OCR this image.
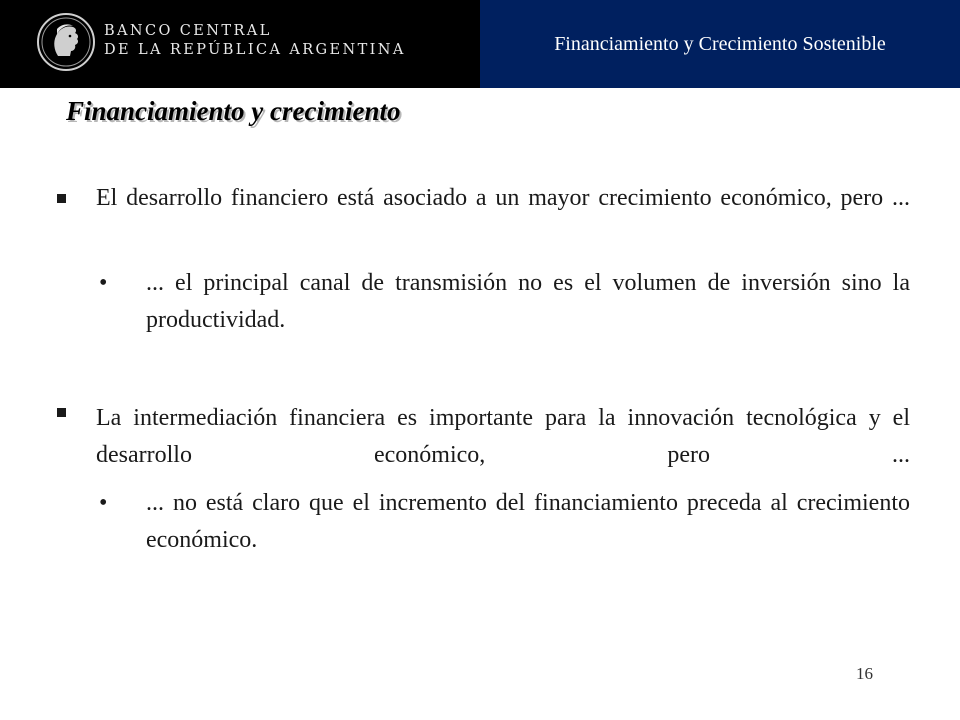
BANCO CENTRAL
DE LA REPÚBLICA ARGENTINA	Financiamiento y Crecimiento Sostenible
Financiamiento y crecimiento
El desarrollo financiero está asociado a un mayor crecimiento económico, pero ...
• ... el principal canal de transmisión no es el volumen de inversión sino la productividad.
La intermediación financiera es importante para la innovación tecnológica y el desarrollo económico, pero ...
• ... no está claro que el incremento del financiamiento preceda al crecimiento económico.
16
